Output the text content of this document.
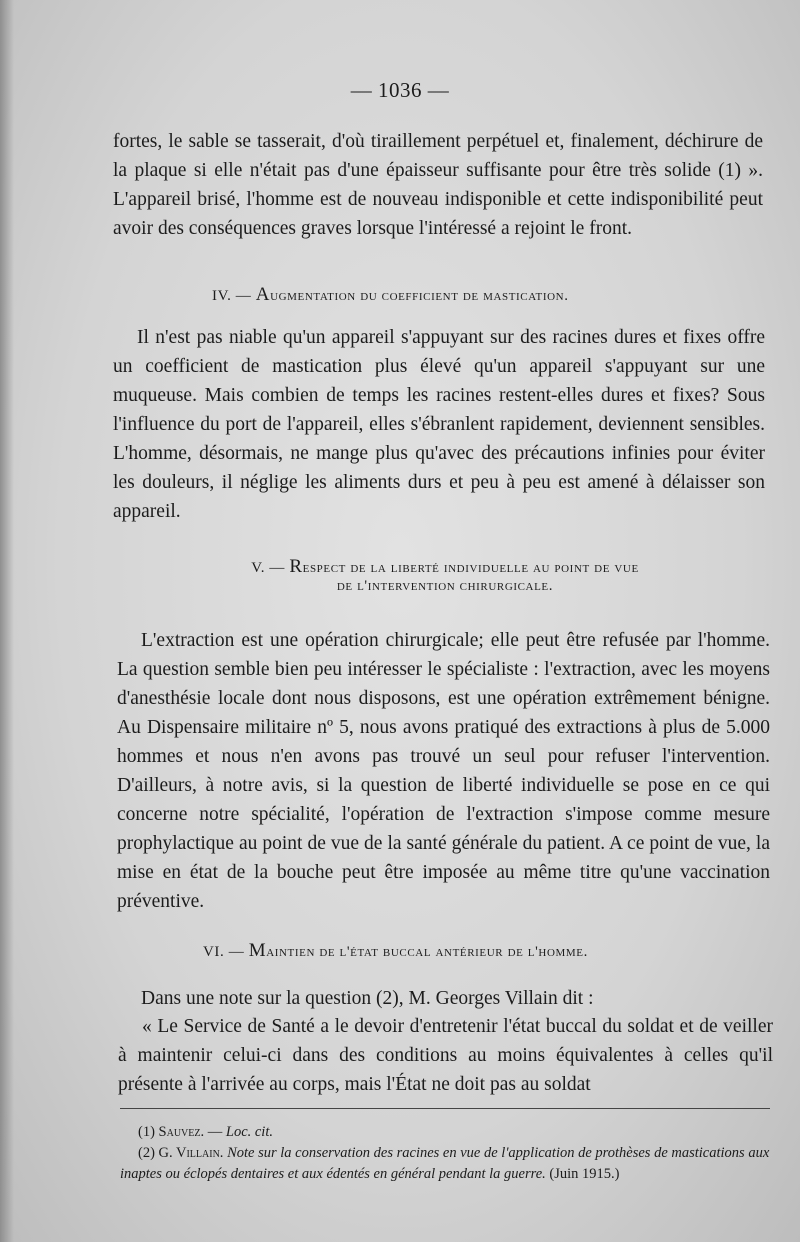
— 1036 —

fortes, le sable se tasserait, d'où tiraillement perpétuel et, finalement, déchirure de la plaque si elle n'était pas d'une épaisseur suffisante pour être très solide (1) ». L'appareil brisé, l'homme est de nouveau indisponible et cette indisponibilité peut avoir des conséquences graves lorsque l'intéressé a rejoint le front.

IV. — Augmentation du coefficient de mastication.

Il n'est pas niable qu'un appareil s'appuyant sur des racines dures et fixes offre un coefficient de mastication plus élevé qu'un appareil s'appuyant sur une muqueuse. Mais combien de temps les racines restent-elles dures et fixes? Sous l'influence du port de l'appareil, elles s'ébranlent rapidement, deviennent sensibles. L'homme, désormais, ne mange plus qu'avec des précautions infinies pour éviter les douleurs, il néglige les aliments durs et peu à peu est amené à délaisser son appareil.

V. — Respect de la liberté individuelle au point de vue
de l'intervention chirurgicale.

L'extraction est une opération chirurgicale; elle peut être refusée par l'homme. La question semble bien peu intéresser le spécialiste : l'extraction, avec les moyens d'anesthésie locale dont nous disposons, est une opération extrêmement bénigne. Au Dispensaire militaire nº 5, nous avons pratiqué des extractions à plus de 5.000 hommes et nous n'en avons pas trouvé un seul pour refuser l'intervention. D'ailleurs, à notre avis, si la question de liberté individuelle se pose en ce qui concerne notre spécialité, l'opération de l'extraction s'impose comme mesure prophylactique au point de vue de la santé générale du patient. A ce point de vue, la mise en état de la bouche peut être imposée au même titre qu'une vaccination préventive.

VI. — Maintien de l'état buccal antérieur de l'homme.

Dans une note sur la question (2), M. Georges Villain dit :

« Le Service de Santé a le devoir d'entretenir l'état buccal du soldat et de veiller à maintenir celui-ci dans des conditions au moins équivalentes à celles qu'il présente à l'arrivée au corps, mais l'État ne doit pas au soldat

(1) Sauvez. — Loc. cit.

(2) G. Villain. Note sur la conservation des racines en vue de l'application de prothèses de mastications aux inaptes ou éclopés dentaires et aux édentés en général pendant la guerre. (Juin 1915.)
